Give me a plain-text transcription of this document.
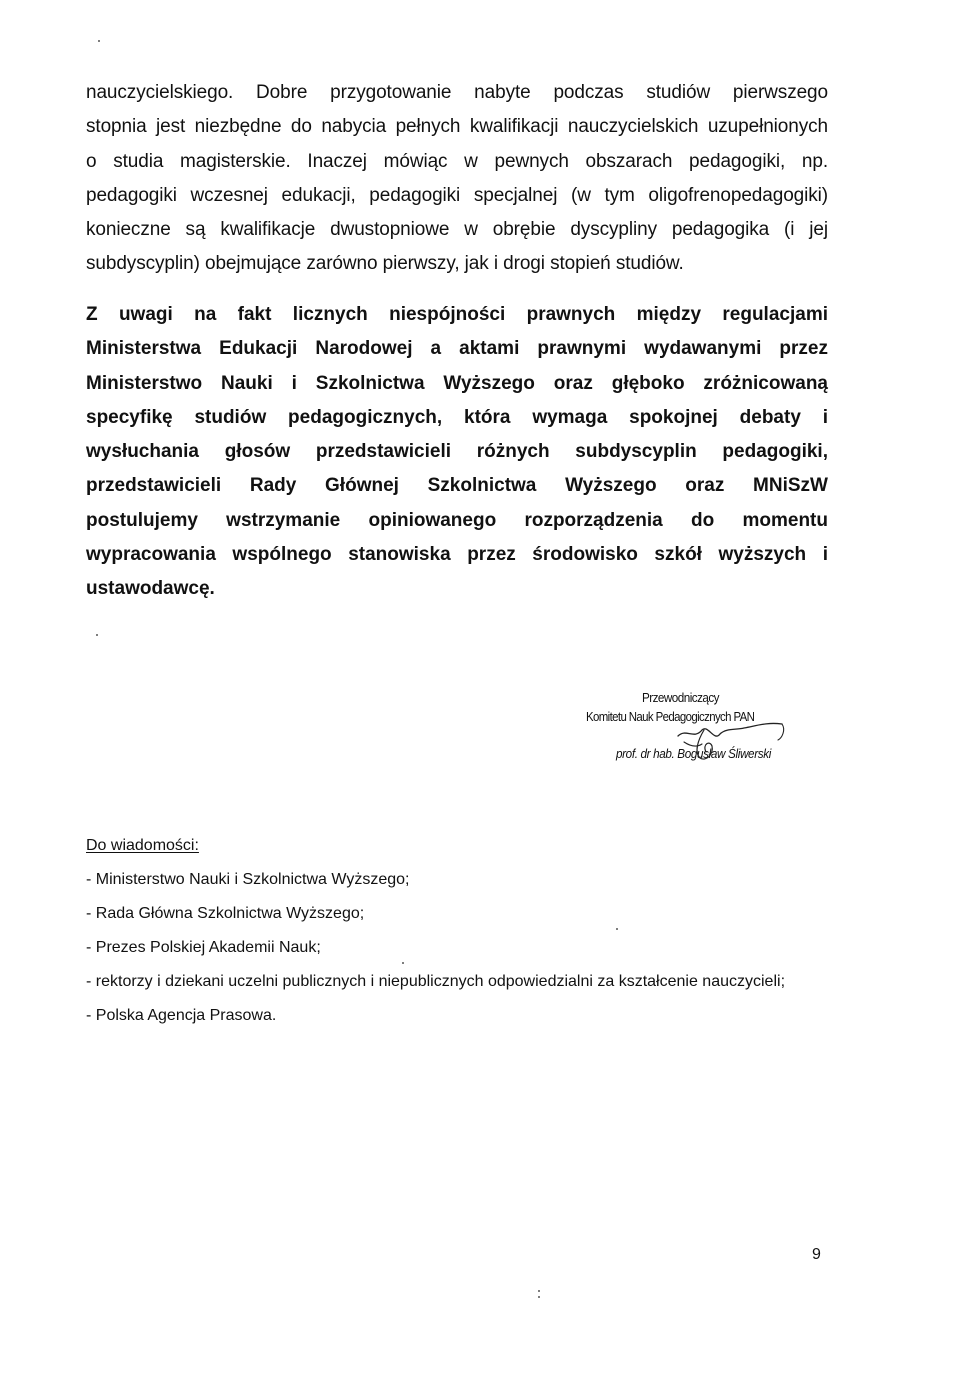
nauczycielskiego. Dobre przygotowanie nabyte podczas studiów pierwszego
stopnia jest niezbędne do nabycia pełnych kwalifikacji nauczycielskich uzupełnionych
o studia magisterskie. Inaczej mówiąc w pewnych obszarach pedagogiki, np.
pedagogiki wczesnej edukacji, pedagogiki specjalnej (w tym oligofrenopedagogiki)
konieczne są kwalifikacje dwustopniowe w obrębie dyscypliny pedagogika (i jej
subdyscyplin) obejmujące zarówno pierwszy, jak i drogi stopień studiów.

Z uwagi na fakt licznych niespójności prawnych między regulacjami
Ministerstwa Edukacji Narodowej a aktami prawnymi wydawanymi przez
Ministerstwo Nauki i Szkolnictwa Wyższego oraz głęboko zróżnicowaną
specyfikę studiów pedagogicznych, która wymaga spokojnej debaty i
wysłuchania głosów przedstawicieli różnych subdyscyplin pedagogiki,
przedstawicieli Rady Głównej Szkolnictwa Wyższego oraz MNiSzW
postulujemy wstrzymanie opiniowanego rozporządzenia do momentu
wypracowania wspólnego stanowiska przez środowisko szkół wyższych i
ustawodawcę.

Przewodniczący
Komitetu Nauk Pedagogicznych PAN
prof. dr hab. Bogusław Śliwerski

Do wiadomości:

- Ministerstwo Nauki i Szkolnictwa Wyższego;
- Rada Główna Szkolnictwa Wyższego;
- Prezes Polskiej Akademii Nauk;
- rektorzy i dziekani uczelni publicznych i niepublicznych odpowiedzialni za kształcenie nauczycieli;
- Polska Agencja Prasowa.
9
